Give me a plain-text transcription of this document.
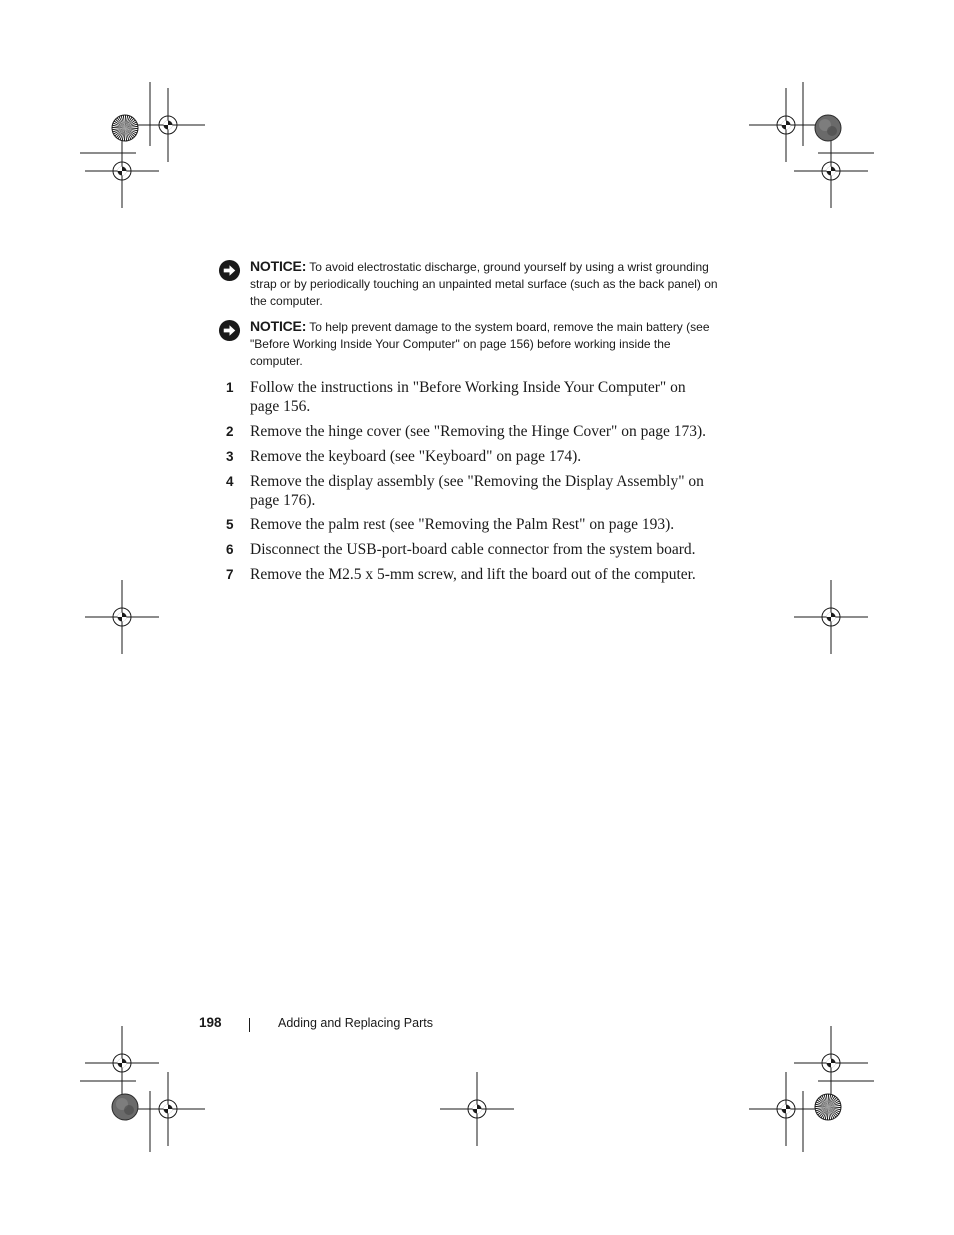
NOTICE: To avoid electrostatic discharge, ground yourself by using a wrist grounding strap or by periodically touching an unpainted metal surface (such as the back panel) on the computer.
NOTICE: To help prevent damage to the system board, remove the main battery (see "Before Working Inside Your Computer" on page 156) before working inside the computer.
1 Follow the instructions in "Before Working Inside Your Computer" on page 156.
2 Remove the hinge cover (see "Removing the Hinge Cover" on page 173).
3 Remove the keyboard (see "Keyboard" on page 174).
4 Remove the display assembly (see "Removing the Display Assembly" on page 176).
5 Remove the palm rest (see "Removing the Palm Rest" on page 193).
6 Disconnect the USB-port-board cable connector from the system board.
7 Remove the M2.5 x 5-mm screw, and lift the board out of the computer.
198	Adding and Replacing Parts
